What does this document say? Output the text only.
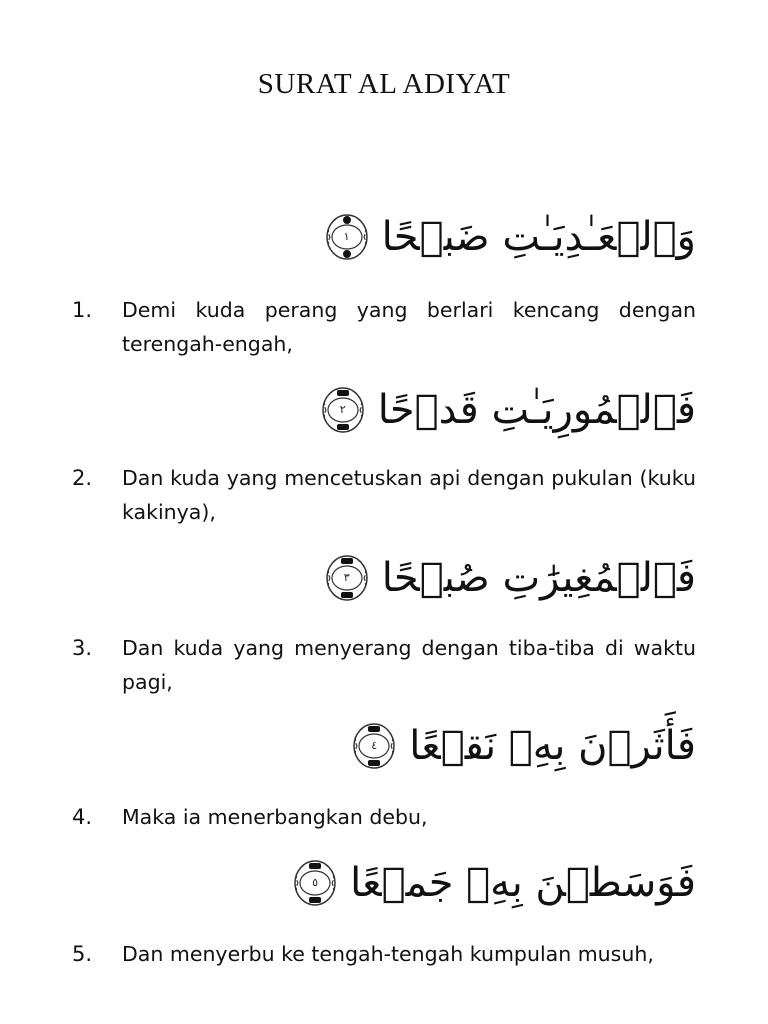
SURAT AL ADIYAT
وَٱلۡعَـٰدِيَـٰتِ ضَبۡحًا
١
1.	Demi kuda perang yang berlari kencang dengan terengah-engah,
فَٱلۡمُورِيَـٰتِ قَدۡحًا
٢
2.	Dan kuda yang mencetuskan api dengan pukulan (kuku kakinya),
فَٱلۡمُغِيرَٰتِ صُبۡحًا
٣
3.	Dan kuda yang menyerang dengan tiba-tiba di waktu pagi,
فَأَثَرۡنَ بِهِۦ نَقۡعًا
٤
4.	Maka ia menerbangkan debu,
فَوَسَطۡنَ بِهِۦ جَمۡعًا
٥
5.	Dan menyerbu ke tengah-tengah kumpulan musuh,
